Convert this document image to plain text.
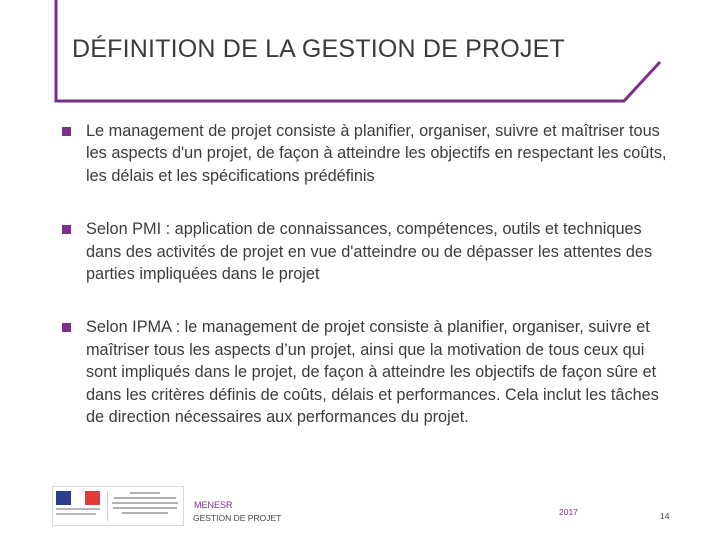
DÉFINITION DE LA GESTION DE PROJET
Le management de projet consiste à planifier, organiser, suivre et maîtriser tous les aspects d'un projet, de façon à atteindre les objectifs en respectant les coûts, les délais et les spécifications prédéfinis
Selon PMI : application de connaissances, compétences, outils et techniques dans des activités de projet en vue d'atteindre ou de dépasser les attentes des parties impliquées dans le projet
Selon IPMA : le management de projet consiste à planifier, organiser, suivre et maîtriser tous les aspects d’un projet, ainsi que la motivation de tous ceux qui sont impliqués dans le projet, de façon à atteindre les objectifs de façon sûre et dans les critères définis de coûts, délais et performances. Cela inclut les tâches de direction nécessaires aux performances du projet.
MENESR
GESTION DE PROJET
2017	14
